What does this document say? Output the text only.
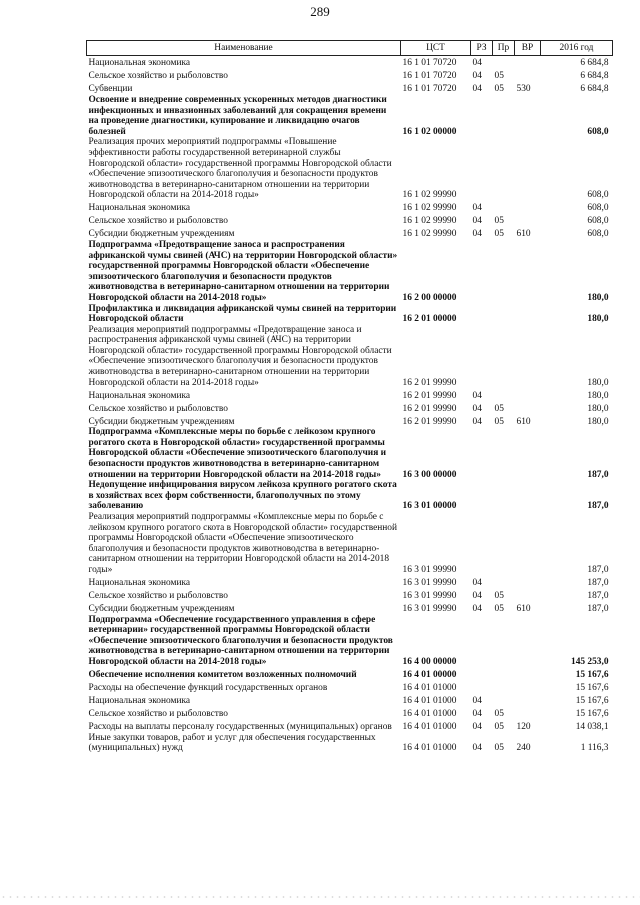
289
Наименование	ЦСТ	РЗ	Пр	ВР	2016 год
Национальная экономика	16 1 01 70720	04			6 684,8
Сельское хозяйство и рыболовство	16 1 01 70720	04	05		6 684,8
Субвенции	16 1 01 70720	04	05	530	6 684,8
Освоение и внедрение современных ускоренных методов диагностики инфекционных и инвазионных заболеваний для сокращения времени на проведение диагностики, купирование и ликвидацию очагов болезней	16 1 02 00000				608,0
Реализация прочих мероприятий подпрограммы «Повышение эффективности работы государственной ветеринарной службы Новгородской области» государственной программы Новгородской области «Обеспечение эпизоотического благополучия и безопасности продуктов животноводства в ветеринарно-санитарном отношении на территории Новгородской области на 2014-2018 годы»	16 1 02 99990				608,0
Национальная экономика	16 1 02 99990	04			608,0
Сельское хозяйство и рыболовство	16 1 02 99990	04	05		608,0
Субсидии бюджетным учреждениям	16 1 02 99990	04	05	610	608,0
Подпрограмма «Предотвращение заноса и распространения африканской чумы свиней (АЧС) на территории Новгородской области» государственной программы Новгородской области «Обеспечение эпизоотического благополучия и безопасности продуктов животноводства в ветеринарно-санитарном отношении на территории Новгородской области на 2014-2018 годы»	16 2 00 00000				180,0
Профилактика и ликвидация африканской чумы свиней на территории Новгородской области	16 2 01 00000				180,0
Реализация мероприятий подпрограммы «Предотвращение заноса и распространения африканской чумы свиней (АЧС) на территории Новгородской области» государственной программы Новгородской области «Обеспечение эпизоотического благополучия и безопасности продуктов животноводства в ветеринарно-санитарном отношении на территории Новгородской области на 2014-2018 годы»	16 2 01 99990				180,0
Национальная экономика	16 2 01 99990	04			180,0
Сельское хозяйство и рыболовство	16 2 01 99990	04	05		180,0
Субсидии бюджетным учреждениям	16 2 01 99990	04	05	610	180,0
Подпрограмма «Комплексные меры по борьбе с лейкозом крупного рогатого скота в Новгородской области» государственной программы Новгородской области «Обеспечение эпизоотического благополучия и безопасности продуктов животноводства в ветеринарно-санитарном отношении на территории Новгородской области на 2014-2018 годы»	16 3 00 00000				187,0
Недопущение инфицирования вирусом лейкоза крупного рогатого скота в хозяйствах всех форм собственности, благополучных по этому заболеванию	16 3 01 00000				187,0
Реализация мероприятий подпрограммы «Комплексные меры по борьбе с лейкозом крупного рогатого скота в Новгородской области» государственной программы Новгородской области «Обеспечение эпизоотического благополучия и безопасности продуктов животноводства в ветеринарно-санитарном отношении на территории Новгородской области на 2014-2018 годы»	16 3 01 99990				187,0
Национальная экономика	16 3 01 99990	04			187,0
Сельское хозяйство и рыболовство	16 3 01 99990	04	05		187,0
Субсидии бюджетным учреждениям	16 3 01 99990	04	05	610	187,0
Подпрограмма «Обеспечение государственного управления в сфере ветеринарии» государственной программы Новгородской области «Обеспечение эпизоотического благополучия и безопасности продуктов животноводства в ветеринарно-санитарном отношении на территории Новгородской области на 2014-2018 годы»	16 4 00 00000				145 253,0
Обеспечение исполнения комитетом возложенных полномочий	16 4 01 00000				15 167,6
Расходы на обеспечение функций государственных органов	16 4 01 01000				15 167,6
Национальная экономика	16 4 01 01000	04			15 167,6
Сельское хозяйство и рыболовство	16 4 01 01000	04	05		15 167,6
Расходы на выплаты персоналу государственных (муниципальных) органов	16 4 01 01000	04	05	120	14 038,1
Иные закупки товаров, работ и услуг для обеспечения государственных (муниципальных) нужд	16 4 01 01000	04	05	240	1 116,3
